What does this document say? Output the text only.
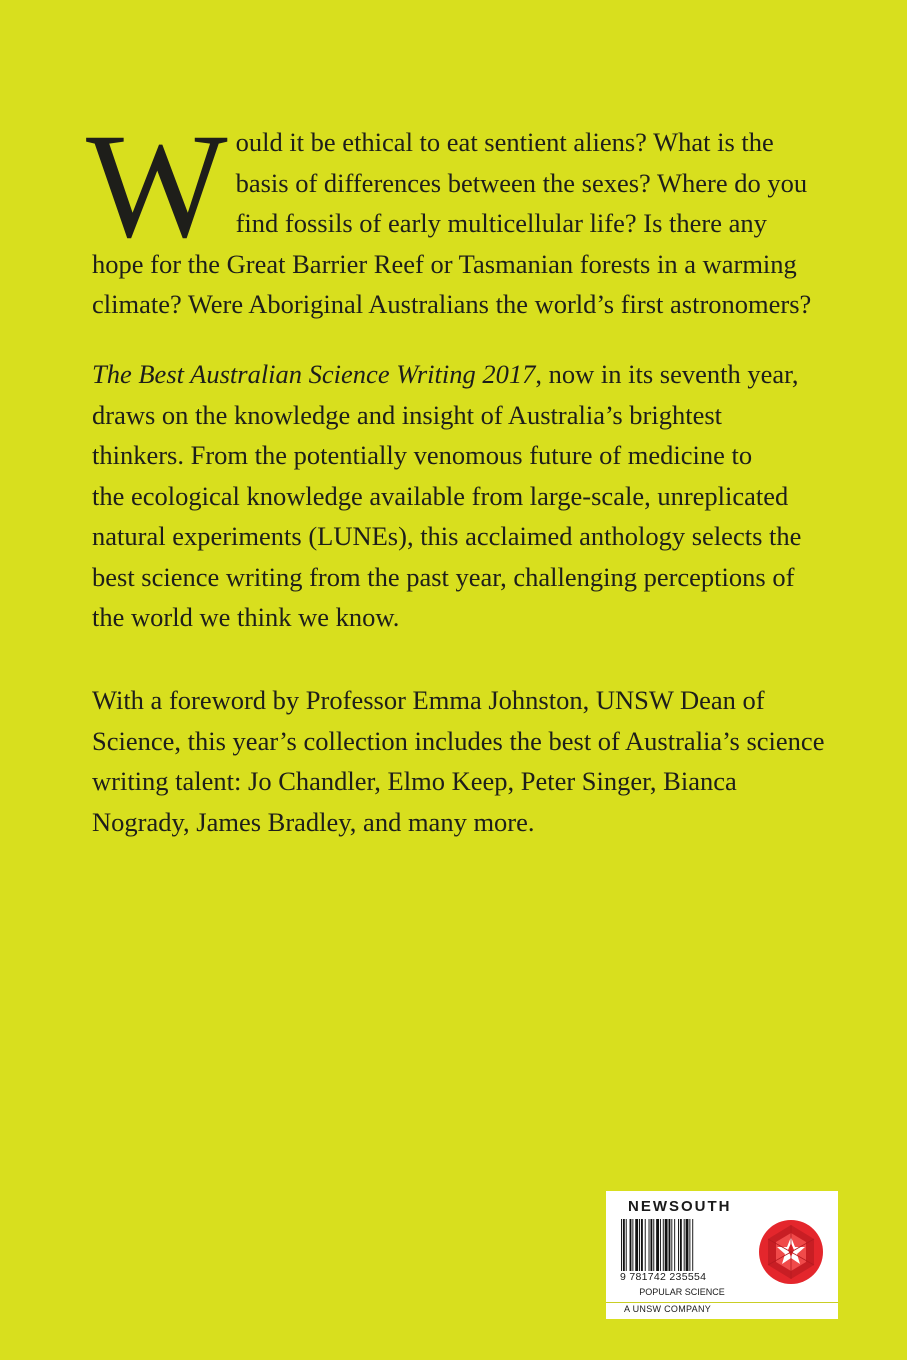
W ould it be ethical to eat sentient aliens? What is the
basis of differences between the sexes? Where do you
find fossils of early multicellular life? Is there any
hope for the Great Barrier Reef or Tasmanian forests in a warming
climate? Were Aboriginal Australians the world’s first astronomers?

The Best Australian Science Writing 2017, now in its seventh year,
draws on the knowledge and insight of Australia’s brightest
thinkers. From the potentially venomous future of medicine to
the ecological knowledge available from large-scale, unreplicated
natural experiments (LUNEs), this acclaimed anthology selects the
best science writing from the past year, challenging perceptions of
the world we think we know.

With a foreword by Professor Emma Johnston, UNSW Dean of
Science, this year’s collection includes the best of Australia’s science
writing talent: Jo Chandler, Elmo Keep, Peter Singer, Bianca
Nogrady, James Bradley, and many more.

NEWSOUTH
9 781742 235554
POPULAR SCIENCE
A UNSW COMPANY
